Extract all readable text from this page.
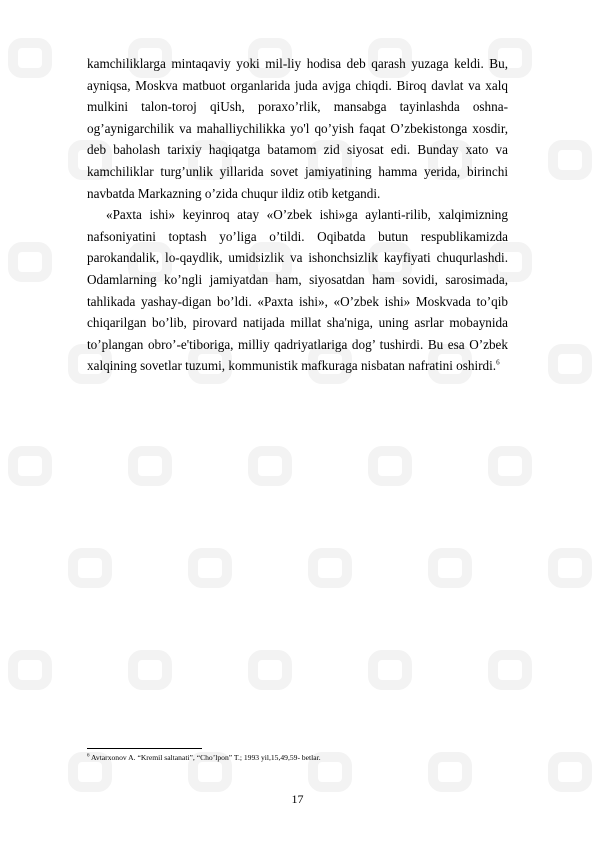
kamchiliklarga mintaqaviy yoki mil-liy hodisa deb qarash yuzaga keldi. Bu, ayniqsa, Moskva matbuot organlarida juda avjga chiqdi. Biroq davlat va xalq mulkini talon-toroj qiUsh, poraxo’rlik, mansabga tayinlashda oshna-og’aynigarchilik va mahalliychilikka yo'l qo’yish faqat O’zbekistonga xosdir, deb baholash tarixiy haqiqatga batamom zid siyosat edi. Bunday xato va kamchiliklar turg’unlik yillarida sovet jamiyatining hamma yerida, birinchi navbatda Markazning o’zida chuqur ildiz otib ketgandi.

«Paxta ishi» keyinroq atay «O’zbek ishi»ga aylanti-rilib, xalqimizning nafsoniyatini toptash yo’liga o’tildi. Oqibatda butun respublikamizda parokandalik, lo-qaydlik, umidsizlik va ishonchsizlik kayfiyati chuqurlashdi. Odamlarning ko’ngli jamiyatdan ham, siyosatdan ham sovidi, sarosimada, tahlikada yashay-digan bo’ldi. «Paxta ishi», «O’zbek ishi» Moskvada to’qib chiqarilgan bo’lib, pirovard natijada millat sha'niga, uning asrlar mobaynida to’plangan obro’-e'tiboriga, milliy qadriyatlariga dog’ tushirdi. Bu esa O’zbek xalqining sovetlar tuzumi, kommunistik mafkuraga nisbatan nafratini oshirdi.$^6$

$^6$ Avtarxonov A. “Kremil saltanati”, “Cho’lpon” T.; 1993 yil,15,49,59- betlar.
17
